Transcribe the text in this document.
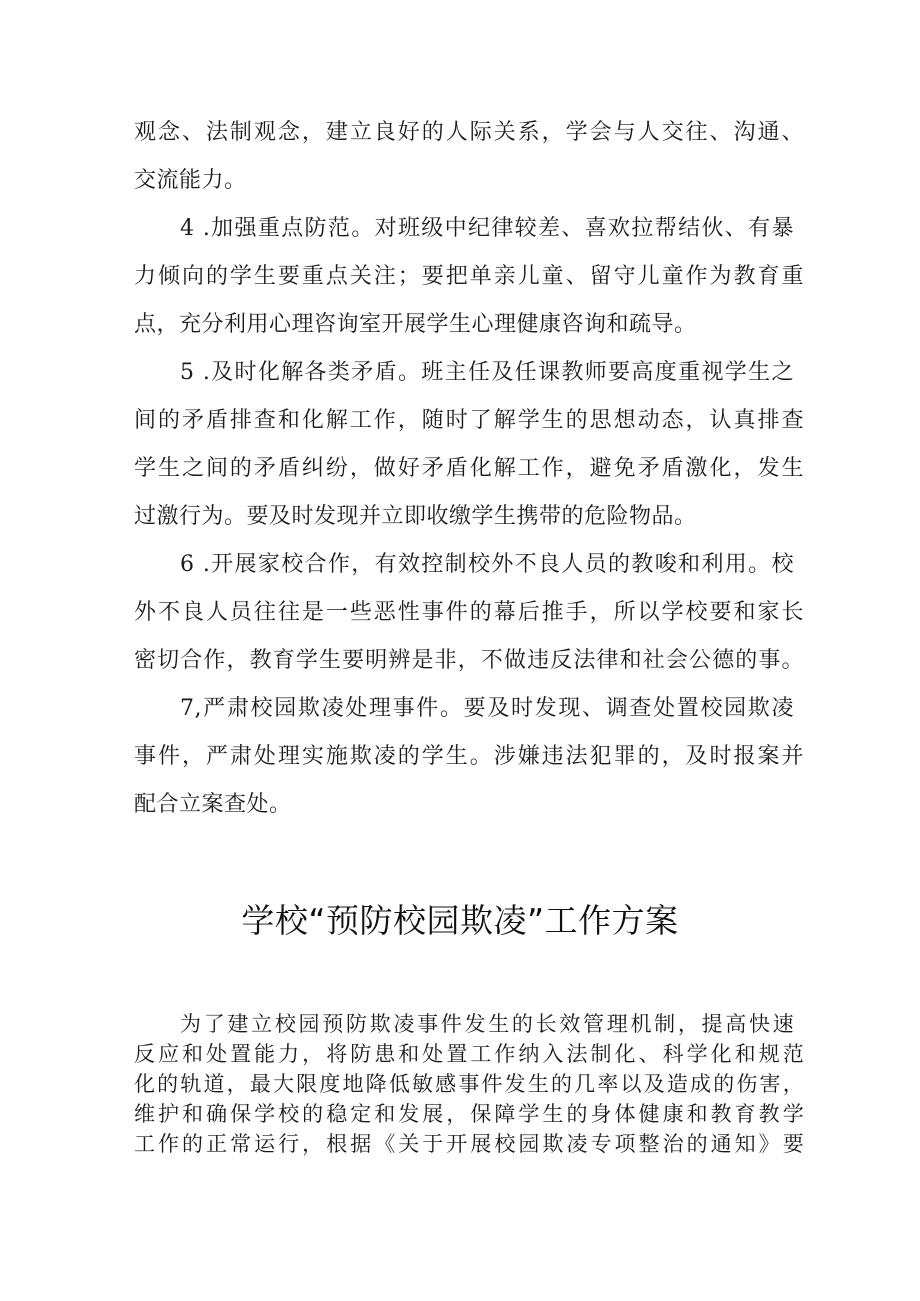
观念、法制观念，建立良好的人际关系，学会与人交往、沟通、
交流能力。
4 .加强重点防范。对班级中纪律较差、喜欢拉帮结伙、有暴
力倾向的学生要重点关注；要把单亲儿童、留守儿童作为教育重
点，充分利用心理咨询室开展学生心理健康咨询和疏导。
5 .及时化解各类矛盾。班主任及任课教师要高度重视学生之
间的矛盾排查和化解工作，随时了解学生的思想动态，认真排查
学生之间的矛盾纠纷，做好矛盾化解工作，避免矛盾激化，发生
过激行为。要及时发现并立即收缴学生携带的危险物品。
6 .开展家校合作，有效控制校外不良人员的教唆和利用。校
外不良人员往往是一些恶性事件的幕后推手，所以学校要和家长
密切合作，教育学生要明辨是非，不做违反法律和社会公德的事。
7,严肃校园欺凌处理事件。要及时发现、调查处置校园欺凌
事件，严肃处理实施欺凌的学生。涉嫌违法犯罪的，及时报案并
配合立案查处。
学校“预防校园欺凌”工作方案
为了建立校园预防欺凌事件发生的长效管理机制，提高快速
反应和处置能力，将防患和处置工作纳入法制化、科学化和规范
化的轨道，最大限度地降低敏感事件发生的几率以及造成的伤害，
维护和确保学校的稳定和发展，保障学生的身体健康和教育教学
工作的正常运行，根据《关于开展校园欺凌专项整治的通知》要
